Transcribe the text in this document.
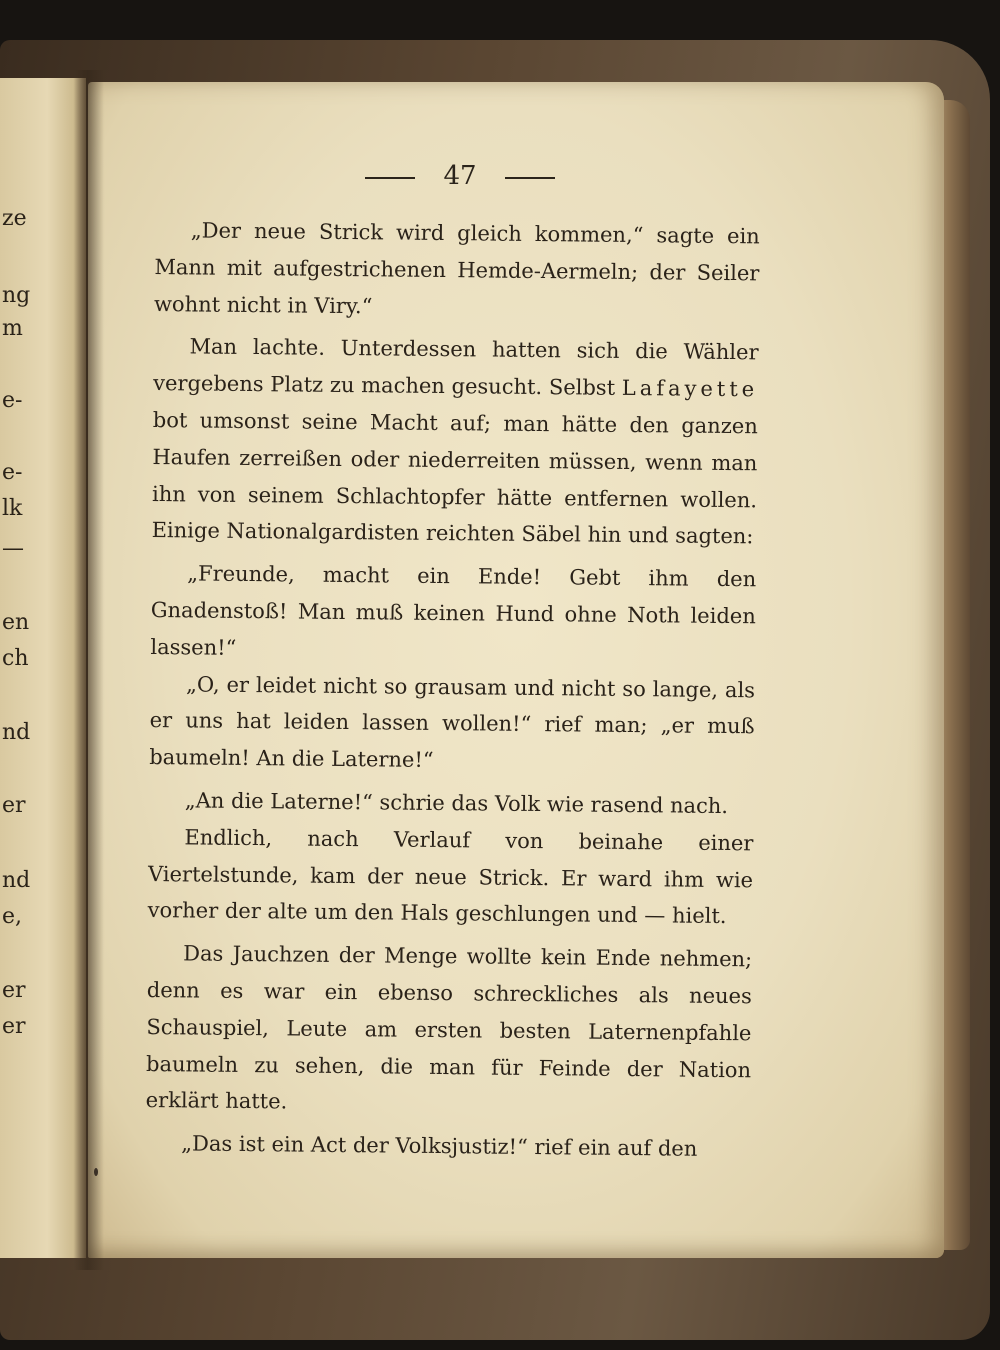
ze
ng
m
e-
e-
lk
—
en
ch
nd
er
nd
e,
er
er
47

„Der neue Strick wird gleich kommen,“ sagte ein Mann mit aufgestrichenen Hemde-Aermeln; der Seiler wohnt nicht in Viry.“

Man lachte. Unterdessen hatten sich die Wähler vergebens Platz zu machen gesucht. Selbst Lafayette bot umsonst seine Macht auf; man hätte den ganzen Haufen zerreißen oder niederreiten müssen, wenn man ihn von seinem Schlachtopfer hätte entfernen wollen. Einige Nationalgardisten reichten Säbel hin und sagten:

„Freunde, macht ein Ende! Gebt ihm den Gnadenstoß! Man muß keinen Hund ohne Noth leiden lassen!“

„O, er leidet nicht so grausam und nicht so lange, als er uns hat leiden lassen wollen!“ rief man; „er muß baumeln! An die Laterne!“

„An die Laterne!“ schrie das Volk wie rasend nach.

Endlich, nach Verlauf von beinahe einer Viertelstunde, kam der neue Strick. Er ward ihm wie vorher der alte um den Hals geschlungen und — hielt.

Das Jauchzen der Menge wollte kein Ende nehmen; denn es war ein ebenso schreckliches als neues Schauspiel, Leute am ersten besten Laternenpfahle baumeln zu sehen, die man für Feinde der Nation erklärt hatte.

„Das ist ein Act der Volksjustiz!“ rief ein auf den
